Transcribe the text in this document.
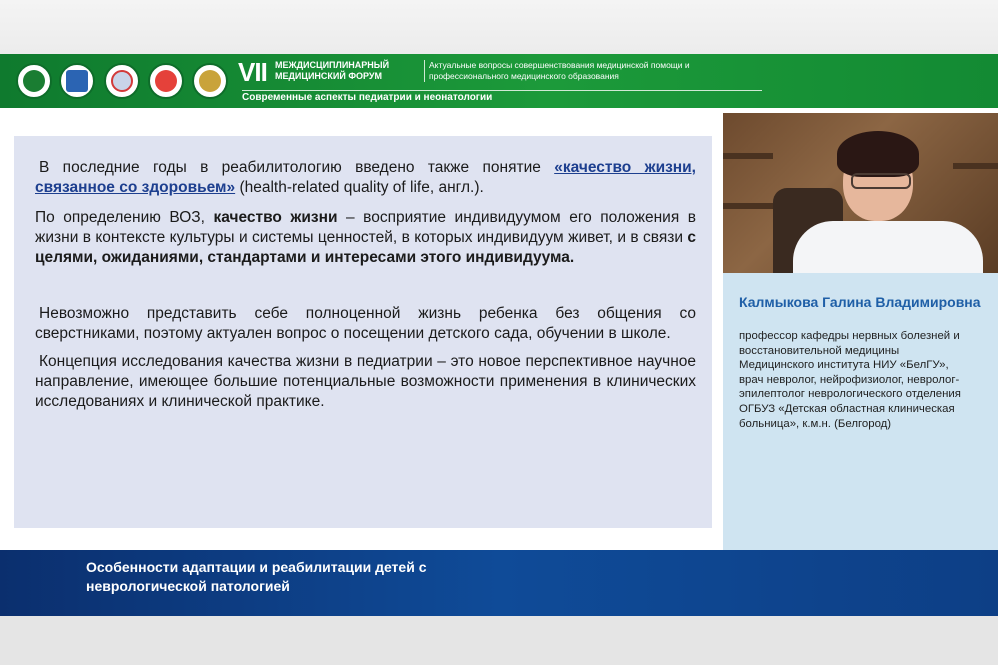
VII МЕЖДИСЦИПЛИНАРНЫЙ МЕДИЦИНСКИЙ ФОРУМ
Актуальные вопросы совершенствования медицинской помощи и профессионального медицинского образования
Современные аспекты педиатрии и неонатологии

В последние годы в реабилитологию введено также понятие «качество жизни, связанное со здоровьем» (health-related quality of life, англ.).

По определению ВОЗ, качество жизни – восприятие индивидуумом его положения в жизни в контексте культуры и системы ценностей, в которых индивидуум живет, и в связи с целями, ожиданиями, стандартами и интересами этого индивидуума.

Невозможно представить себе полноценной жизнь ребенка без общения со сверстниками, поэтому актуален вопрос о посещении детского сада, обучении в школе.

Концепция исследования качества жизни в педиатрии – это новое перспективное научное направление, имеющее большие потенциальные возможности применения в клинических исследованиях и клинической практике.

Калмыкова Галина Владимировна

профессор кафедры нервных болезней и восстановительной медицины Медицинского института НИУ «БелГУ», врач невролог, нейрофизиолог, невролог-эпилептолог неврологического отделения ОГБУЗ «Детская областная клиническая больница», к.м.н. (Белгород)

Особенности адаптации и реабилитации детей с неврологической патологией
